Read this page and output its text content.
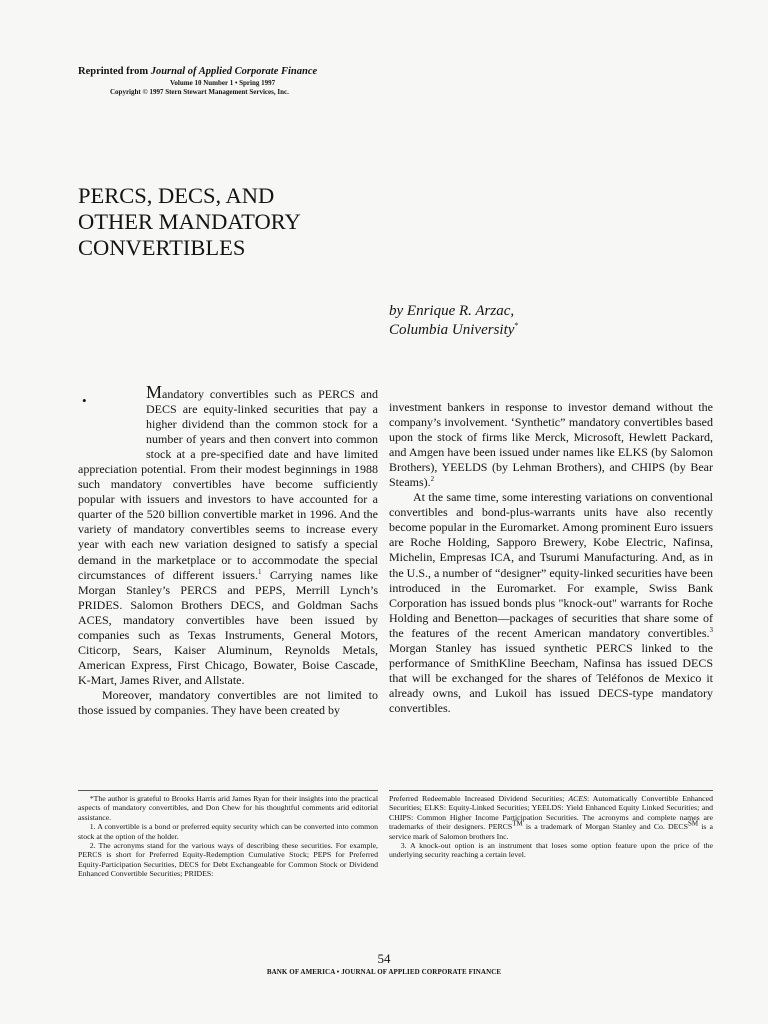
Reprinted from Journal of Applied Corporate Finance
Volume 10 Number 1 • Spring 1997
Copyright © 1997 Stern Stewart Management Services, Inc.
PERCS, DECS, AND
OTHER MANDATORY
CONVERTIBLES
by Enrique R. Arzac,
Columbia University*
•	Mandatory convertibles such as PERCS and DECS are equity-linked securities that pay a higher dividend than the common stock for a number of years and then convert into common stock at a pre-specified date and have limited appreciation potential. From their modest beginnings in 1988 such mandatory convertibles have become sufficiently popular with issuers and investors to have accounted for a quarter of the 520 billion convertible market in 1996. And the variety of mandatory convertibles seems to increase every year with each new variation designed to satisfy a special demand in the marketplace or to accommodate the special circumstances of different issuers.$^1$ Carrying names like Morgan Stanley’s PERCS and PEPS, Merrill Lynch’s PRIDES. Salomon Brothers DECS, and Goldman Sachs ACES, mandatory convertibles have been issued by companies such as Texas Instruments, General Motors, Citicorp, Sears, Kaiser Aluminum, Reynolds Metals, American Express, First Chicago, Bowater, Boise Cascade, K-Mart, James River, and Allstate.

Moreover, mandatory convertibles are not limited to those issued by companies. They have been created by

investment bankers in response to investor demand without the company’s involvement. ‘Synthetic” mandatory convertibles based upon the stock of firms like Merck, Microsoft, Hewlett Packard, and Amgen have been issued under names like ELKS (by Salomon Brothers), YEELDS (by Lehman Brothers), and CHIPS (by Bear Steams).$^2$

At the same time, some interesting variations on conventional convertibles and bond-plus-warrants units have also recently become popular in the Euromarket. Among prominent Euro issuers are Roche Holding, Sapporo Brewery, Kobe Electric, Nafinsa, Michelin, Empresas ICA, and Tsurumi Manufacturing. And, as in the U.S., a number of “designer” equity-linked securities have been introduced in the Euromarket. For example, Swiss Bank Corporation has issued bonds plus "knock-out" warrants for Roche Holding and Benetton—packages of securities that share some of the features of the recent American mandatory convertibles.$^3$ Morgan Stanley has issued synthetic PERCS linked to the performance of SmithKline Beecham, Nafinsa has issued DECS that will be exchanged for the shares of Teléfonos de Mexico it already owns, and Lukoil has issued DECS-type mandatory convertibles.

*The author is grateful to Brooks Harris arid James Ryan for their insights into the practical aspects of mandatory convertibles, and Don Chew for his thoughtful comments arid editorial assistance.

1. A convertible is a bond or preferred equity security which can be converted into common stock at the option of the holder.

2. The acronyms stand for the various ways of describing these securities. For example, PERCS is short for Preferred Equity-Redemption Cumulative Stock; PEPS for Preferred Equity-Participation Securities, DECS for Debt Exchangeable for Common Stock or Dividend Enhanced Convertible Securities; PRIDES:

Preferred Redeemable Increased Dividend Securities; ACES: Automatically Convertible Enhanced Securities; ELKS: Equity-Linked Securities; YEELDS: Yield Enhanced Equity Linked Securities; and CHIPS: Common Higher Income Participation Securities. The acronyms and complete names are trademarks of their designers. PERCS™ is a trademark of Morgan Stanley and Co. DECS℠ is a service mark of Salomon brothers Inc.

3. A knock-out option is an instrument that loses some option feature upon the price of the underlying security reaching a certain level.

54
BANK OF AMERICA • JOURNAL OF APPLIED CORPORATE FINANCE
